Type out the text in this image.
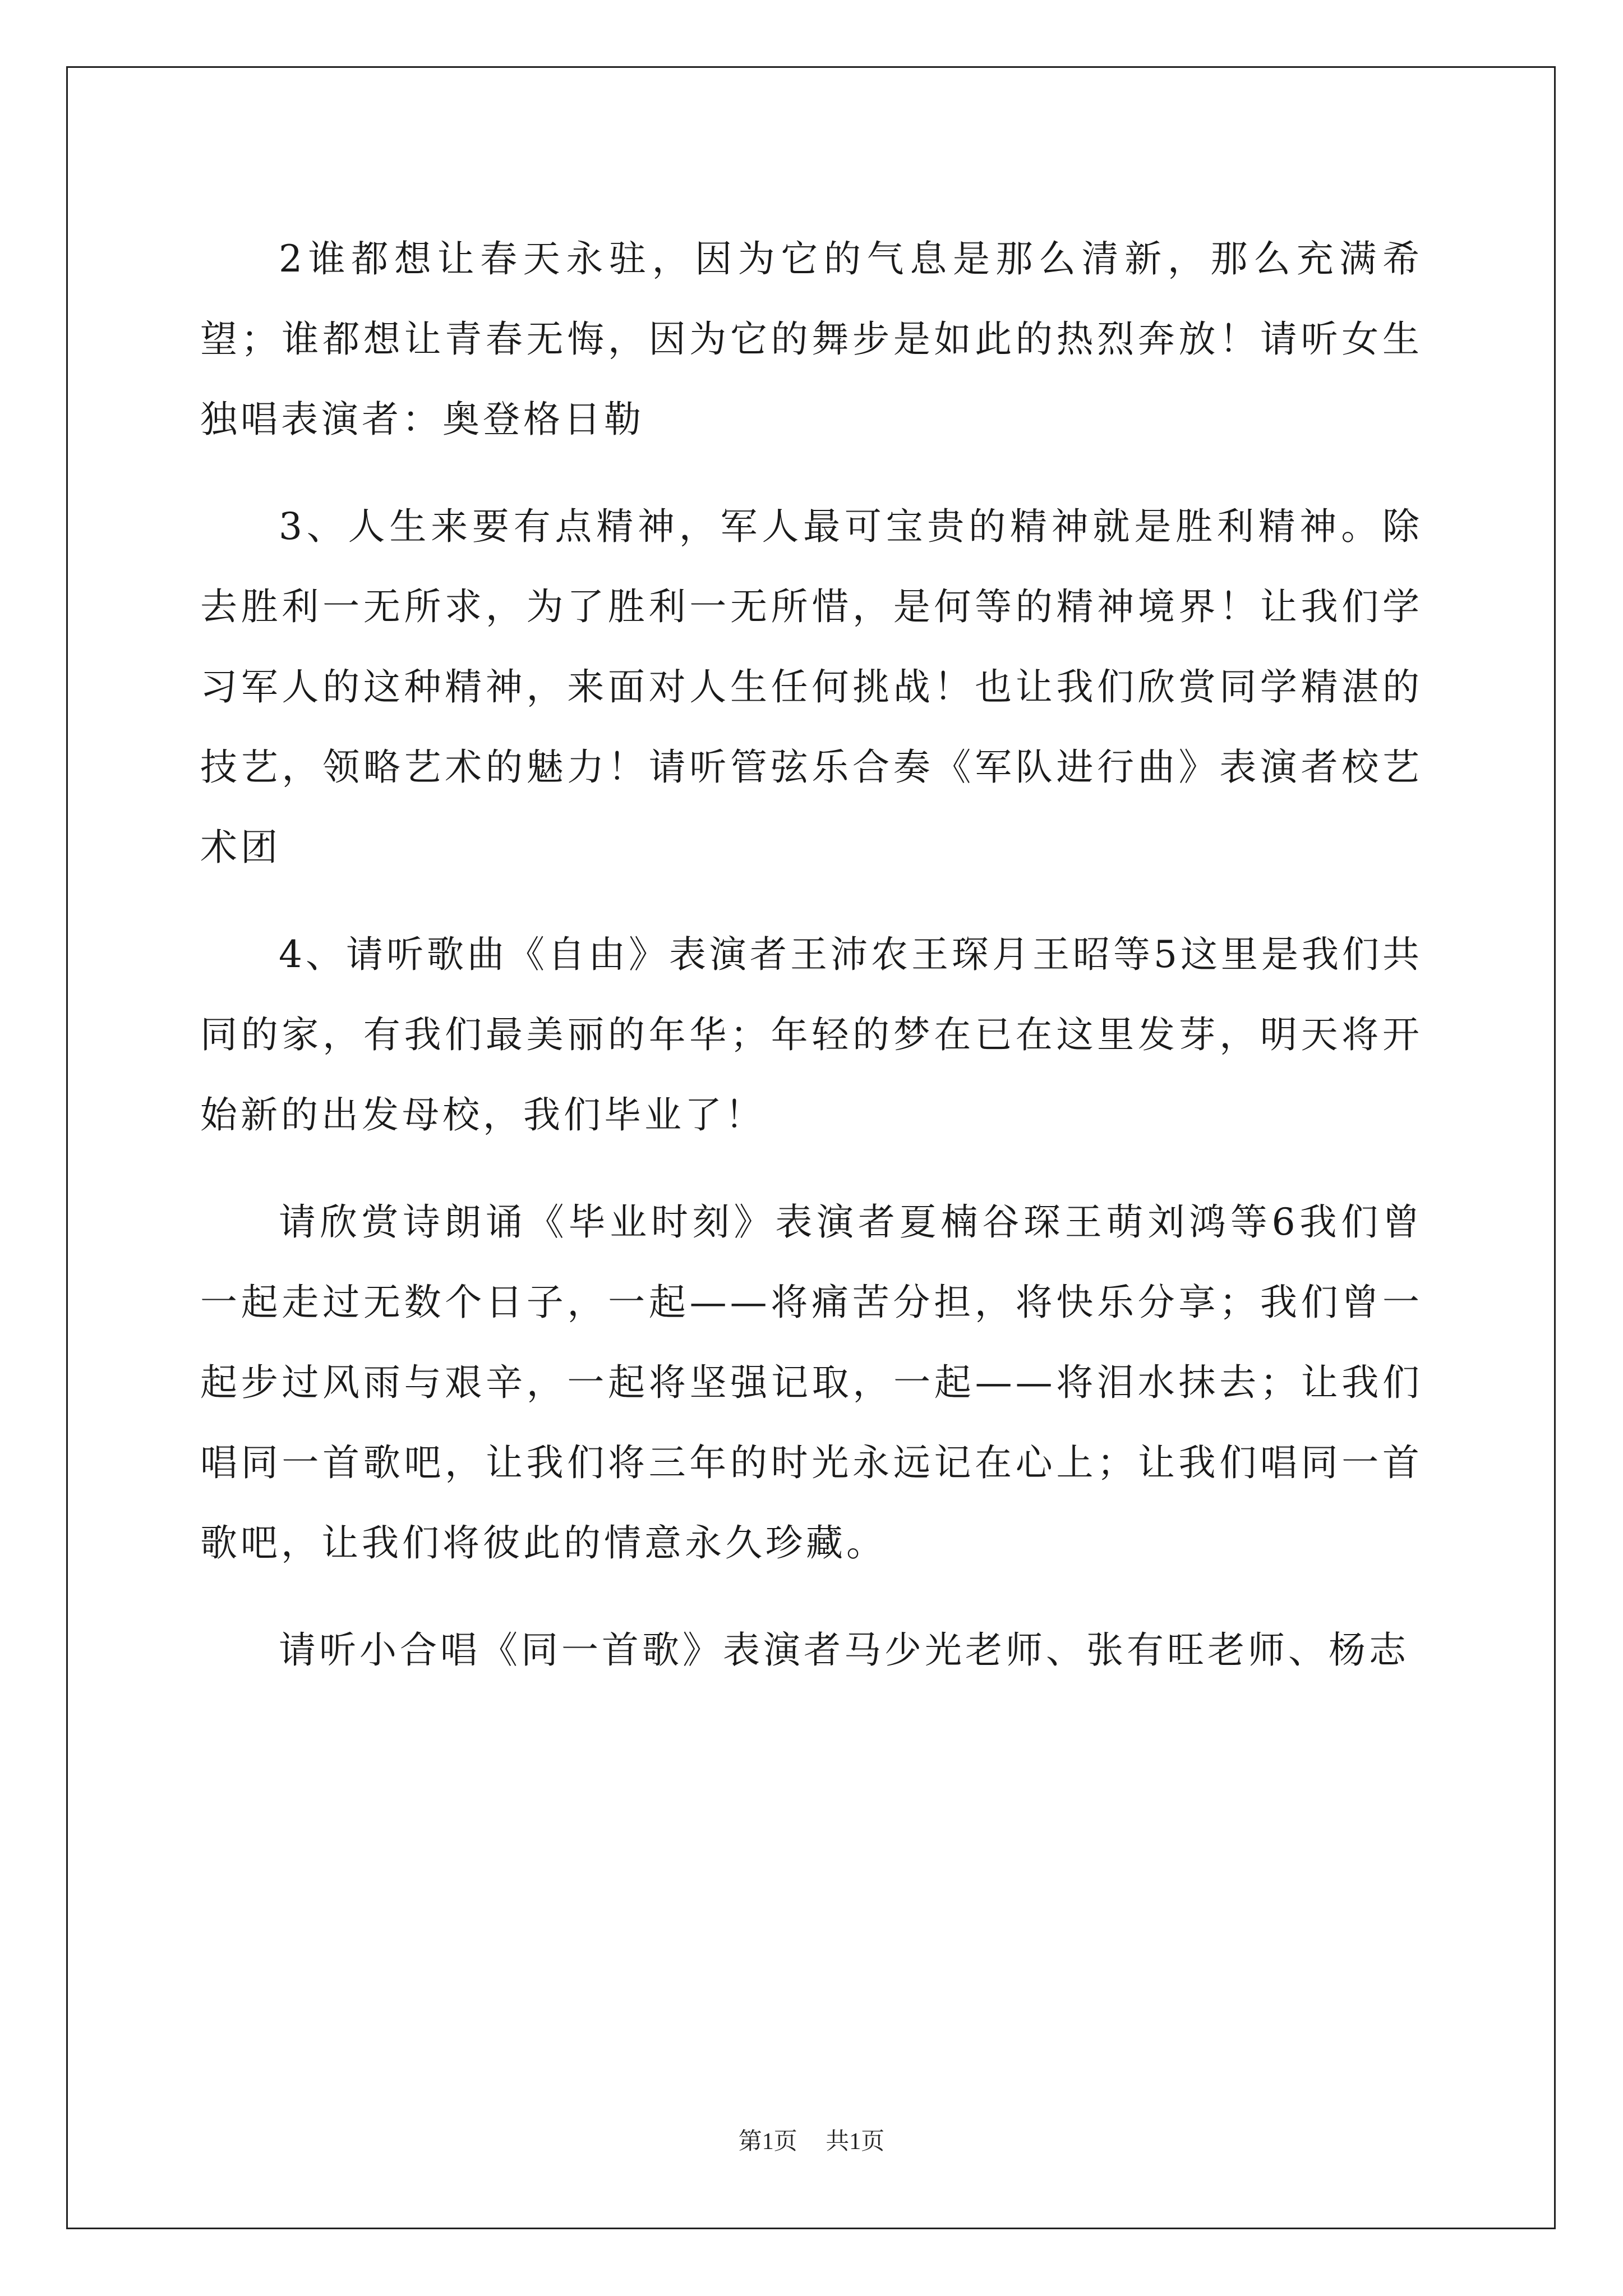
2谁都想让春天永驻，因为它的气息是那么清新，那么充满希望；谁都想让青春无悔，因为它的舞步是如此的热烈奔放！请听女生独唱表演者：奥登格日勒

3、人生来要有点精神，军人最可宝贵的精神就是胜利精神。除去胜利一无所求，为了胜利一无所惜，是何等的精神境界！让我们学习军人的这种精神，来面对人生任何挑战！也让我们欣赏同学精湛的技艺，领略艺术的魅力！请听管弦乐合奏《军队进行曲》表演者校艺术团

4、请听歌曲《自由》表演者王沛农王琛月王昭等5这里是我们共同的家，有我们最美丽的年华；年轻的梦在已在这里发芽，明天将开始新的出发母校，我们毕业了！

请欣赏诗朗诵《毕业时刻》表演者夏楠谷琛王萌刘鸿等6我们曾一起走过无数个日子，一起——将痛苦分担，将快乐分享；我们曾一起步过风雨与艰辛，一起将坚强记取，一起——将泪水抹去；让我们唱同一首歌吧，让我们将三年的时光永远记在心上；让我们唱同一首歌吧，让我们将彼此的情意永久珍藏。

请听小合唱《同一首歌》表演者马少光老师、张有旺老师、杨志

第1页 共1页
